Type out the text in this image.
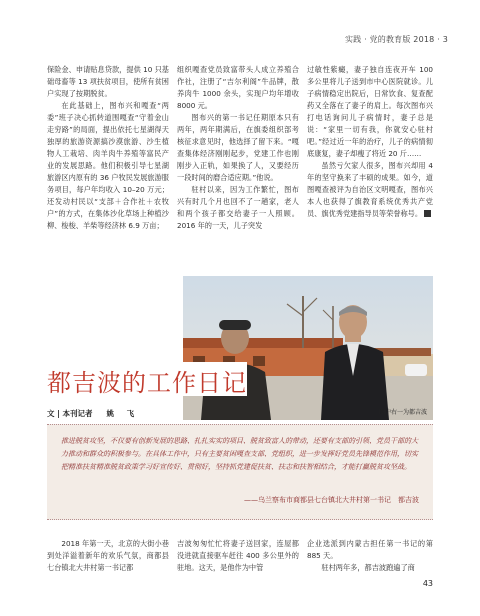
实践 · 党的教育版 2018 · 3

保险金、申请贴息贷款，提供 10 只基础母畜等 13 项扶贫项目，使所有贫困户实现了按期脱贫。

在此基础上，图布兴和嘎查“两委”班子决心抓转道围嘎查“守着金山走穷路”的局面，提出依托七星湖得天独厚的旅游资源搞沙漠旅游、沙生植物人工栽培、肉羊肉牛养殖等富民产业的发展思路。他们积极引导七星湖旅游区内原有的 36 户牧民发展旅游服务项目，每户年均收入 10–20 万元；还发动村民以“支部＋合作社＋农牧户”的方式，在集体沙化草场上种植沙柳、梭梭、羊柴等经济林 6.9 万亩；

组织嘎查党员致富带头人成立养殖合作社，注册了“吉尔利阁”牛品牌，散养肉牛 1000 余头，实现户均年增收 8000 元。

图布兴的第一书记任期原本只有两年，两年期满后，在旗委组织部考核征求意见时，他选择了留下来。“嘎查集体经济刚刚起步，党建工作也刚刚步入正轨，如果换了人，又要经历一段时间的磨合适应期。”他说。

驻村以来，因为工作繁忙，图布兴有时几个月也回不了一趟家，老人和两个孩子都交给妻子一人照顾。2016 年的一天，儿子突发

过敏性紫癜，妻子独自连夜开车 100 多公里将儿子送到市中心医院就诊。儿子病情稳定出院后，日常饮食、复查配药又全落在了妻子的肩上。每次图布兴打电话询问儿子病情时，妻子总是说：“家里一切有我，你就安心驻村吧。”经过近一年的治疗，儿子的病情彻底康复，妻子却瘦了将近 20 斤……

虽然亏欠家人很多，图布兴却用 4 年的坚守换来了丰硕的成果。如今，道图嘎查被评为自治区文明嘎查，图布兴本人也获得了旗教育系统优秀共产党员、旗优秀党建指导员等荣誉称号。

图中右一为都吉波
都吉波的工作日记
文 | 本刊记者 姚 飞
推进脱贫攻坚，不仅要有创新发展的思路、扎扎实实的项目、脱贫致富人的带动，还要有支部的引领、党员干部的大力推动和群众的积极参与。在具体工作中，只有主要贫困嘎查支部、党组织，进一步发挥好党员先锋模范作用，切实把精准扶贫精准脱贫政策学习好宣传好、贯彻好，坚持抓党建促扶贫、扶志和扶智相结合，才能打赢脱贫攻坚战。
——乌兰察布市商都县七台镇北大井村第一书记　都吉波

2018 年第一天，北京的大街小巷到处洋溢着新年的欢乐气氛，商都县七台镇北大井村第一书记都

吉波匆匆忙忙将妻子送回家，连屋都没进就直接驱车赶往 400 多公里外的驻地。这天，是他作为中管

企业选派到内蒙古担任第一书记的第 885 天。

驻村两年多，都吉波跑遍了商

43
